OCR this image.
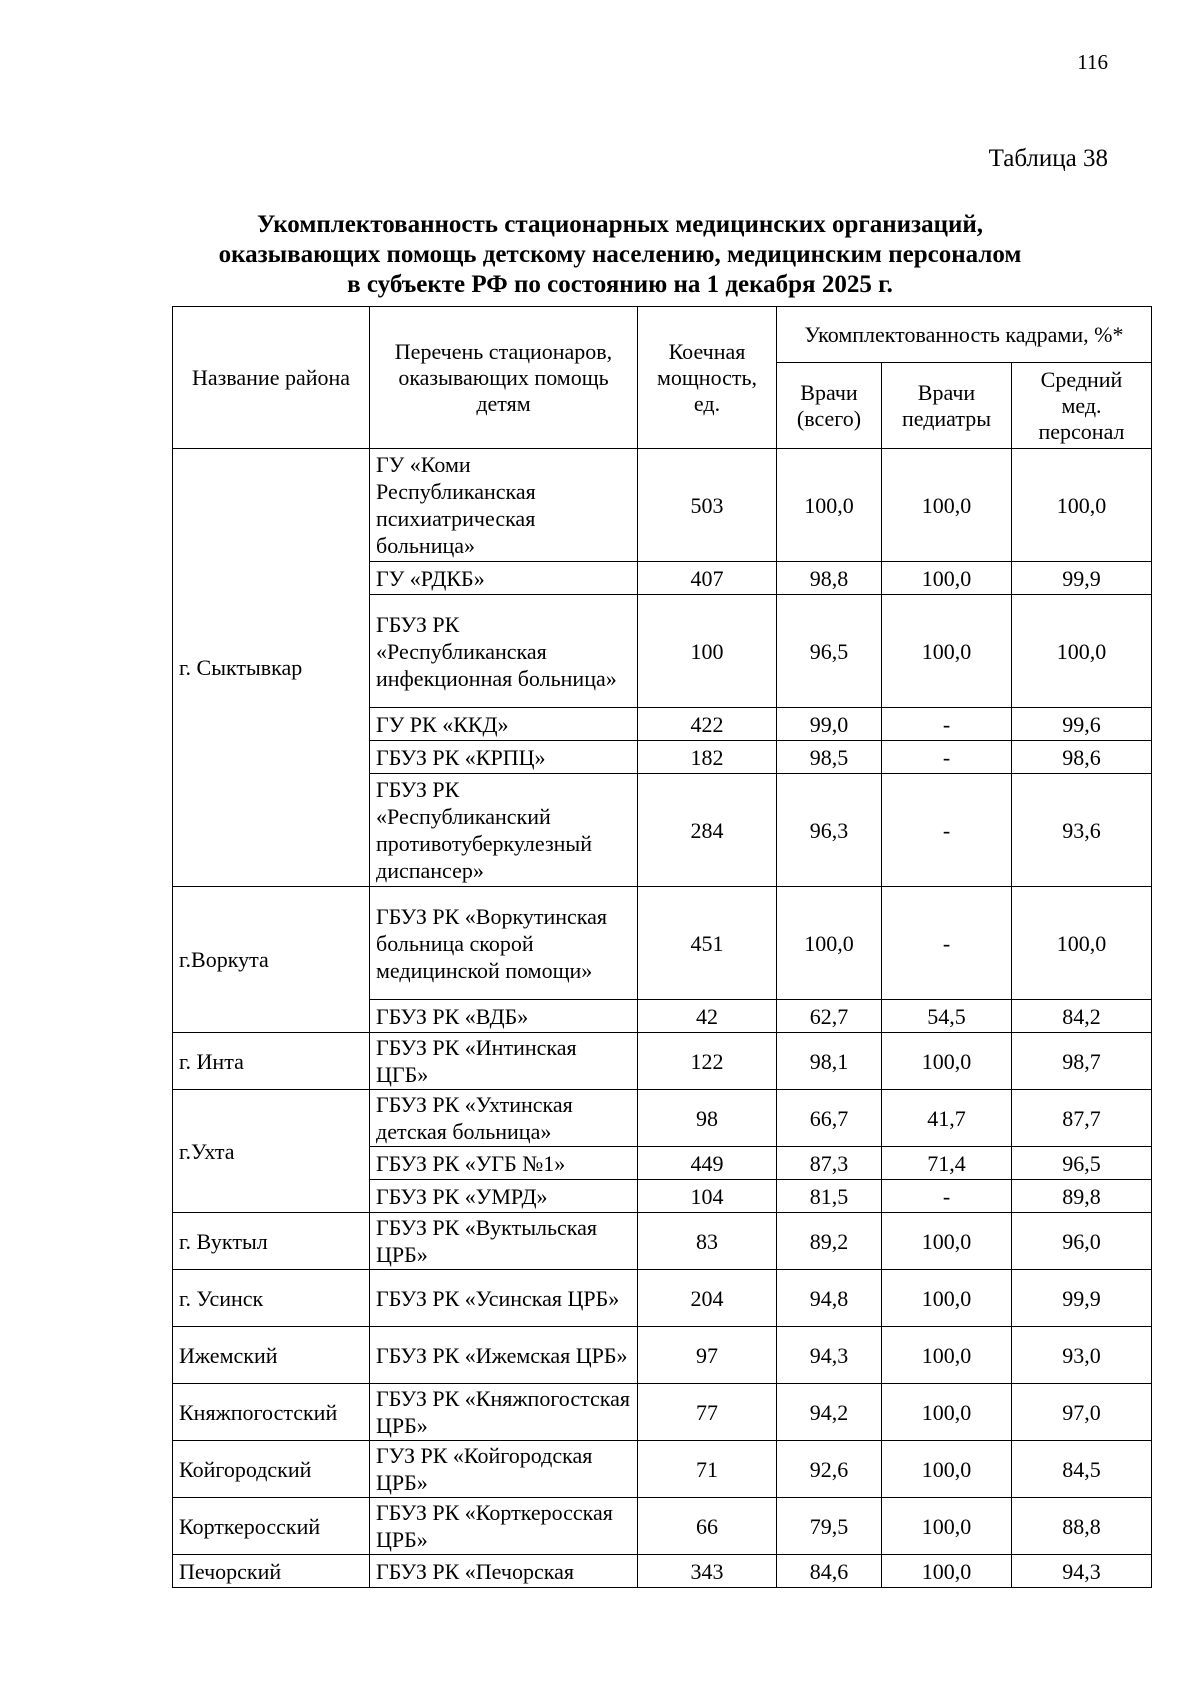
116
Таблица 38
Укомплектованность стационарных медицинских организаций,
оказывающих помощь детскому населению, медицинским персоналом
в субъекте РФ по состоянию на 1 декабря 2025 г.
Название района	Перечень стационаров, оказывающих помощь детям	Коечная мощность, ед.	Укомплектованность кадрами, %*		
			Врачи (всего)	Врачи педиатры	Средний мед. персонал
г. Сыктывкар	ГУ «Коми Республиканская психиатрическая больница»	503	100,0	100,0	100,0
	ГУ «РДКБ»	407	98,8	100,0	99,9
	ГБУЗ РК «Республиканская инфекционная больница»	100	96,5	100,0	100,0
	ГУ РК «ККД»	422	99,0	-	99,6
	ГБУЗ РК «КРПЦ»	182	98,5	-	98,6
	ГБУЗ РК «Республиканский противотуберкулезный диспансер»	284	96,3	-	93,6
г.Воркута	ГБУЗ РК «Воркутинская больница скорой медицинской помощи»	451	100,0	-	100,0
	ГБУЗ РК «ВДБ»	42	62,7	54,5	84,2
г. Инта	ГБУЗ РК «Интинская ЦГБ»	122	98,1	100,0	98,7
г.Ухта	ГБУЗ РК «Ухтинская детская больница»	98	66,7	41,7	87,7
	ГБУЗ РК «УГБ №1»	449	87,3	71,4	96,5
	ГБУЗ РК «УМРД»	104	81,5	-	89,8
г. Вуктыл	ГБУЗ РК «Вуктыльская ЦРБ»	83	89,2	100,0	96,0
г. Усинск	ГБУЗ РК «Усинская ЦРБ»	204	94,8	100,0	99,9
Ижемский	ГБУЗ РК «Ижемская ЦРБ»	97	94,3	100,0	93,0
Княжпогостский	ГБУЗ РК «Княжпогостская ЦРБ»	77	94,2	100,0	97,0
Койгородский	ГУЗ РК «Койгородская ЦРБ»	71	92,6	100,0	84,5
Корткеросский	ГБУЗ РК «Корткеросская ЦРБ»	66	79,5	100,0	88,8
Печорский	ГБУЗ РК «Печорская	343	84,6	100,0	94,3
